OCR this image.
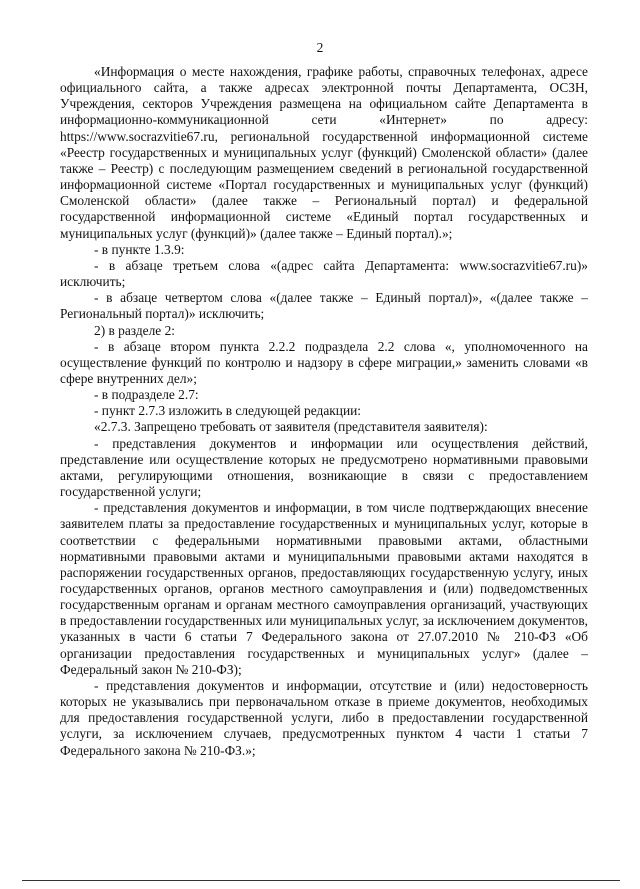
2

«Информация о месте нахождения, графике работы, справочных телефонах, адресе официального сайта, а также адресах электронной почты Департамента, ОСЗН, Учреждения, секторов Учреждения размещена на официальном сайте Департамента в информационно-коммуникационной сети «Интернет» по адресу: https://www.socrazvitie67.ru, региональной государственной информационной системе «Реестр государственных и муниципальных услуг (функций) Смоленской области» (далее также – Реестр) с последующим размещением сведений в региональной государственной информационной системе «Портал государственных и муниципальных услуг (функций) Смоленской области» (далее также – Региональный портал) и федеральной государственной информационной системе «Единый портал государственных и муниципальных услуг (функций)» (далее также – Единый портал).»;

- в пункте 1.3.9:

- в абзаце третьем слова «(адрес сайта Департамента: www.socrazvitie67.ru)» исключить;

- в абзаце четвертом слова «(далее также – Единый портал)», «(далее также – Региональный портал)» исключить;

2) в разделе 2:

- в абзаце втором пункта 2.2.2 подраздела 2.2 слова «, уполномоченного на осуществление функций по контролю и надзору в сфере миграции,» заменить словами «в сфере внутренних дел»;

- в подразделе 2.7:

- пункт 2.7.3 изложить в следующей редакции:

«2.7.3. Запрещено требовать от заявителя (представителя заявителя):

- представления документов и информации или осуществления действий, представление или осуществление которых не предусмотрено нормативными правовыми актами, регулирующими отношения, возникающие в связи с предоставлением государственной услуги;

- представления документов и информации, в том числе подтверждающих внесение заявителем платы за предоставление государственных и муниципальных услуг, которые в соответствии с федеральными нормативными правовыми актами, областными нормативными правовыми актами и муниципальными правовыми актами находятся в распоряжении государственных органов, предоставляющих государственную услугу, иных государственных органов, органов местного самоуправления и (или) подведомственных государственным органам и органам местного самоуправления организаций, участвующих в предоставлении государственных или муниципальных услуг, за исключением документов, указанных в части 6 статьи 7 Федерального закона от 27.07.2010 № 210-ФЗ «Об организации предоставления государственных и муниципальных услуг» (далее – Федеральный закон № 210-ФЗ);

- представления документов и информации, отсутствие и (или) недостоверность которых не указывались при первоначальном отказе в приеме документов, необходимых для предоставления государственной услуги, либо в предоставлении государственной услуги, за исключением случаев, предусмотренных пунктом 4 части 1 статьи 7 Федерального закона № 210-ФЗ.»;
